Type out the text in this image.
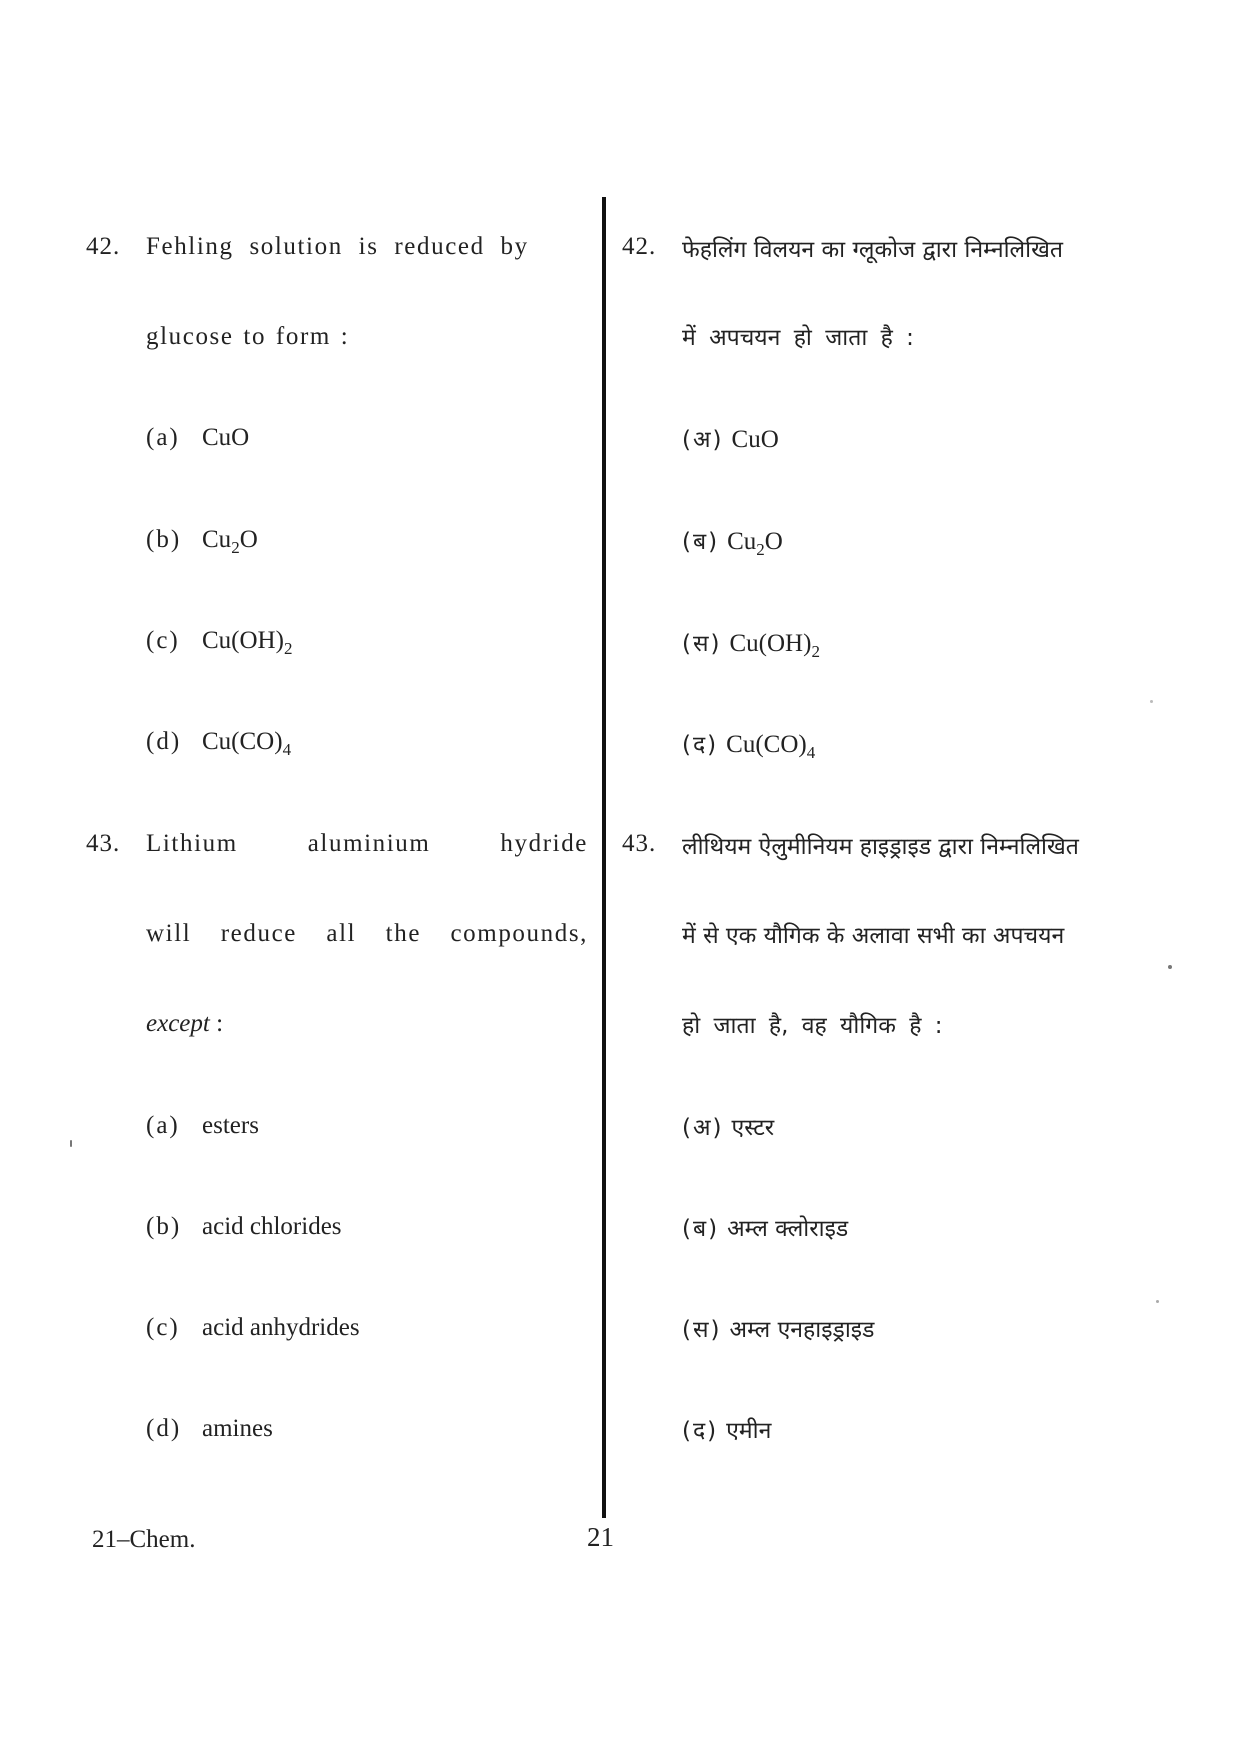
42. Fehling solution is reduced by
glucose to form :
(a) CuO
(b) $Cu_2O$
(c) $Cu(OH)_2$
(d) $Cu(CO)_4$
42. फेहलिंग विलयन का ग्लूकोज द्वारा निम्नलिखित
में अपचयन हो जाता है :
(अ) CuO
(ब) $Cu_2O$
(स) $Cu(OH)_2$
(द) $Cu(CO)_4$
43. Lithium aluminium hydride
will reduce all the compounds,
except :
(a) esters
(b) acid chlorides
(c) acid anhydrides
(d) amines
43. लीथियम ऐलुमीनियम हाइड्राइड द्वारा निम्नलिखित
में से एक यौगिक के अलावा सभी का अपचयन
हो जाता है, वह यौगिक है :
(अ) एस्टर
(ब) अम्ल क्लोराइड
(स) अम्ल एनहाइड्राइड
(द) एमीन
21–Chem.	21
